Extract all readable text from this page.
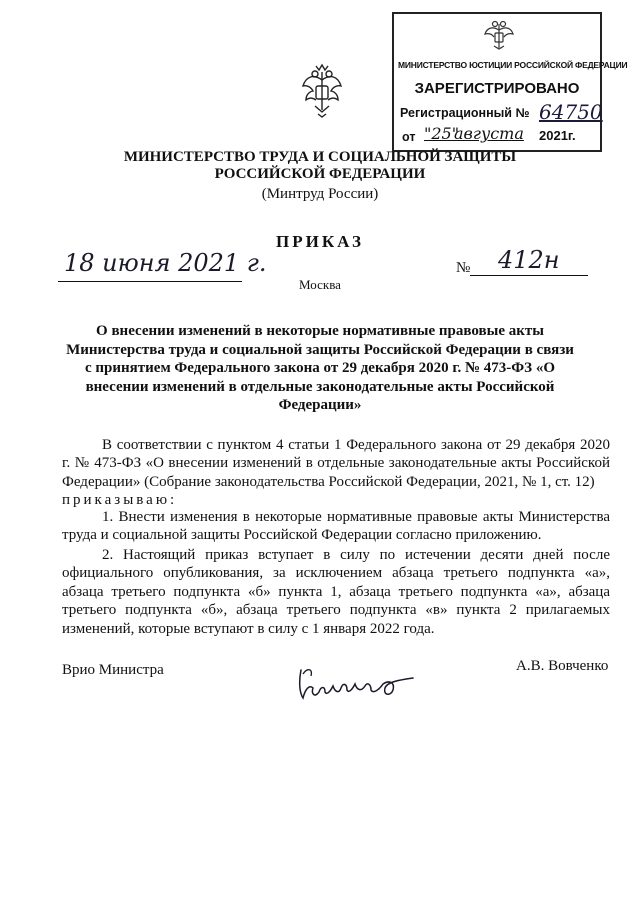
МИНИСТЕРСТВО ЮСТИЦИИ РОССИЙСКОЙ ФЕДЕРАЦИИ
ЗАРЕГИСТРИРОВАНО
Регистрационный № 64750
от "25"
августа 2021г.
МИНИСТЕРСТВО ТРУДА И СОЦИАЛЬНОЙ ЗАЩИТЫ
РОССИЙСКОЙ ФЕДЕРАЦИИ
(Минтруд России)
ПРИКАЗ
18 июня 2021 г.	№ 412н
Москва
О внесении изменений в некоторые нормативные правовые акты Министерства труда и социальной защиты Российской Федерации в связи с принятием Федерального закона от 29 декабря 2020 г. № 473-ФЗ «О внесении изменений в отдельные законодательные акты Российской Федерации»
В соответствии с пунктом 4 статьи 1 Федерального закона от 29 декабря 2020 г. № 473-ФЗ «О внесении изменений в отдельные законодательные акты Российской Федерации» (Собрание законодательства Российской Федерации, 2021, № 1, ст. 12)
приказываю:
1. Внести изменения в некоторые нормативные правовые акты Министерства труда и социальной защиты Российской Федерации согласно приложению.
2. Настоящий приказ вступает в силу по истечении десяти дней после официального опубликования, за исключением абзаца третьего подпункта «а», абзаца третьего подпункта «б» пункта 1, абзаца третьего подпункта «а», абзаца третьего подпункта «б», абзаца третьего подпункта «в» пункта 2 прилагаемых изменений, которые вступают в силу с 1 января 2022 года.
Врио Министра	А.В. Вовченко
